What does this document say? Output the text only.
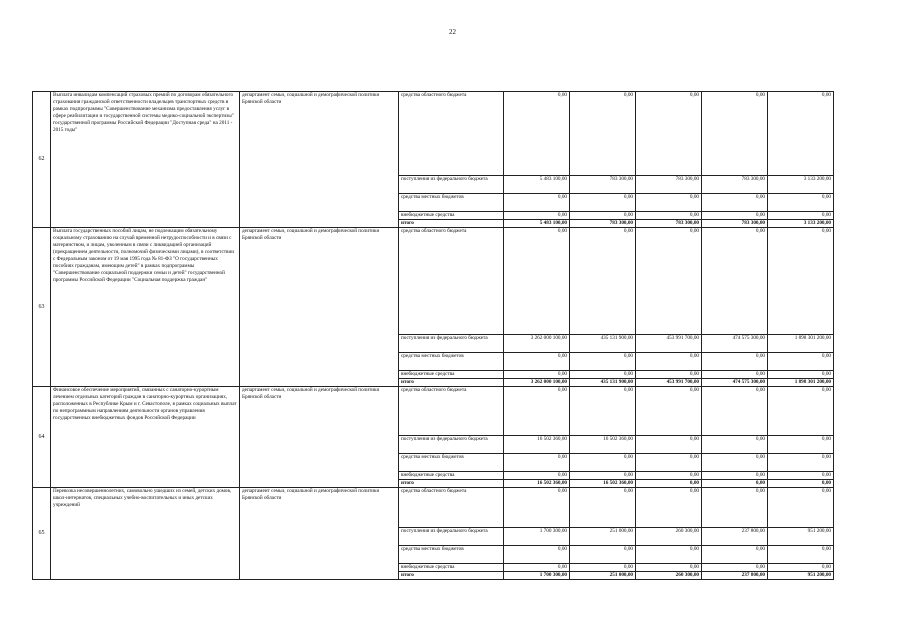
22
62	Выплата инвалидам компенсаций страховых премий по договорам обязательного страхования гражданской ответственности владельцев транспортных средств в рамках подпрограммы "Совершенствование механизма предоставления услуг в сфере реабилитации и государственной системы медико-социальной экспертизы" государственной программы Российской Федерации "Доступная среда" на 2011 - 2015 годы"	департамент семьи, социальной и демографической политики Брянской области	средства областного бюджета	0,00	0,00	0,00	0,00	0,00
			поступления из федерального бюджета	5 483 100,00	783 300,00	783 300,00	783 300,00	3 133 200,00
			средства местных бюджетов	0,00	0,00	0,00	0,00	0,00
			внебюджетные средства	0,00	0,00	0,00	0,00	0,00
			итого	5 483 100,00	783 300,00	783 300,00	783 300,00	3 133 200,00
63	Выплата государственных пособий лицам, не подлежащим обязательному социальному страхованию на случай временной нетрудоспособности и в связи с материнством, и лицам, уволенным в связи с ликвидацией организаций (прекращением деятельности, полномочий физическими лицами), в соответствии с Федеральным законом от 19 мая 1995 года № 81-ФЗ "О государственных пособиях гражданам, имеющим детей" в рамках подпрограммы "Совершенствование социальной поддержки семьи и детей" государственной программы Российской Федерации "Социальная поддержка граждан"	департамент семьи, социальной и демографической политики Брянской области	средства областного бюджета	0,00	0,00	0,00	0,00	0,00
			поступления из федерального бюджета	3 262 000 100,00	435 131 900,00	453 991 700,00	474 575 300,00	1 898 301 200,00
			средства местных бюджетов	0,00	0,00	0,00	0,00	0,00
			внебюджетные средства	0,00	0,00	0,00	0,00	0,00
			итого	3 262 000 100,00	435 131 900,00	453 991 700,00	474 575 300,00	1 898 301 200,00
64	Финансовое обеспечение мероприятий, связанных с санаторно-курортным лечением отдельных категорий граждан в санаторно-курортных организациях, расположенных в Республике Крым и г. Севастополе, в рамках социальных выплат по непрограммным направлениям деятельности органов управления государственных внебюджетных фондов Российской Федерации	департамент семьи, социальной и демографической политики Брянской области	средства областного бюджета	0,00	0,00	0,00	0,00	0,00
			поступления из федерального бюджета	16 502 360,00	16 502 360,00	0,00	0,00	0,00
			средства местных бюджетов	0,00	0,00	0,00	0,00	0,00
			внебюджетные средства	0,00	0,00	0,00	0,00	0,00
			итого	16 502 360,00	16 502 360,00	0,00	0,00	0,00
65	Перевозка несовершеннолетних, самовольно ушедших из семей, детских домов, школ-интернатов, специальных учебно-воспитательных и иных детских учреждений	департамент семьи, социальной и демографической политики Брянской области	средства областного бюджета	0,00	0,00	0,00	0,00	0,00
			поступления из федерального бюджета	1 700 300,00	251 000,00	260 300,00	237 800,00	951 200,00
			средства местных бюджетов	0,00	0,00	0,00	0,00	0,00
			внебюджетные средства	0,00	0,00	0,00	0,00	0,00
			итого	1 700 300,00	251 000,00	260 300,00	237 800,00	951 200,00
